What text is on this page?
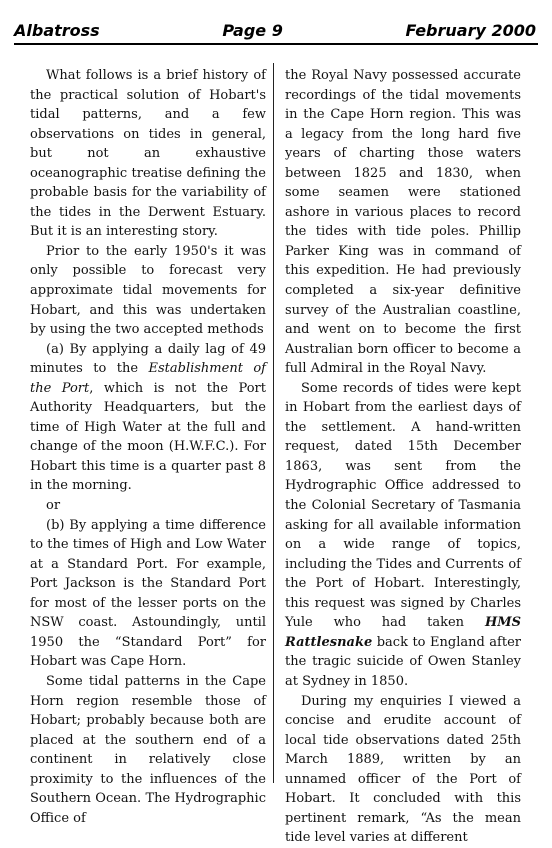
Albatross	Page 9	February 2000

What follows is a brief history of the practical solution of Hobart's tidal patterns, and a few observations on tides in general, but not an exhaustive oceanographic treatise defining the probable basis for the variability of the tides in the Derwent Estuary. But it is an interesting story.

Prior to the early 1950's it was only possible to forecast very approximate tidal movements for Hobart, and this was undertaken by using the two accepted methods

(a) By applying a daily lag of 49 minutes to the Establishment of the Port, which is not the Port Authority Headquarters, but the time of High Water at the full and change of the moon (H.W.F.C.). For Hobart this time is a quarter past 8 in the morning.

or

(b) By applying a time difference to the times of High and Low Water at a Standard Port. For example, Port Jackson is the Standard Port for most of the lesser ports on the NSW coast. Astoundingly, until 1950 the “Standard Port” for Hobart was Cape Horn.

Some tidal patterns in the Cape Horn region resemble those of Hobart; probably because both are placed at the southern end of a continent in relatively close proximity to the influences of the Southern Ocean. The Hydrographic Office of

the Royal Navy possessed accurate recordings of the tidal movements in the Cape Horn region. This was a legacy from the long hard five years of charting those waters between 1825 and 1830, when some seamen were stationed ashore in various places to record the tides with tide poles. Phillip Parker King was in command of this expedition. He had previously completed a six-year definitive survey of the Australian coastline, and went on to become the first Australian born officer to become a full Admiral in the Royal Navy.

Some records of tides were kept in Hobart from the earliest days of the settlement. A hand-written request, dated 15th December 1863, was sent from the Hydrographic Office addressed to the Colonial Secretary of Tasmania asking for all available information on a wide range of topics, including the Tides and Currents of the Port of Hobart. Interestingly, this request was signed by Charles Yule who had taken HMS Rattlesnake back to England after the tragic suicide of Owen Stanley at Sydney in 1850.

During my enquiries I viewed a concise and erudite account of local tide observations dated 25th March 1889, written by an unnamed officer of the Port of Hobart. It concluded with this pertinent remark, “As the mean tide level varies at different
